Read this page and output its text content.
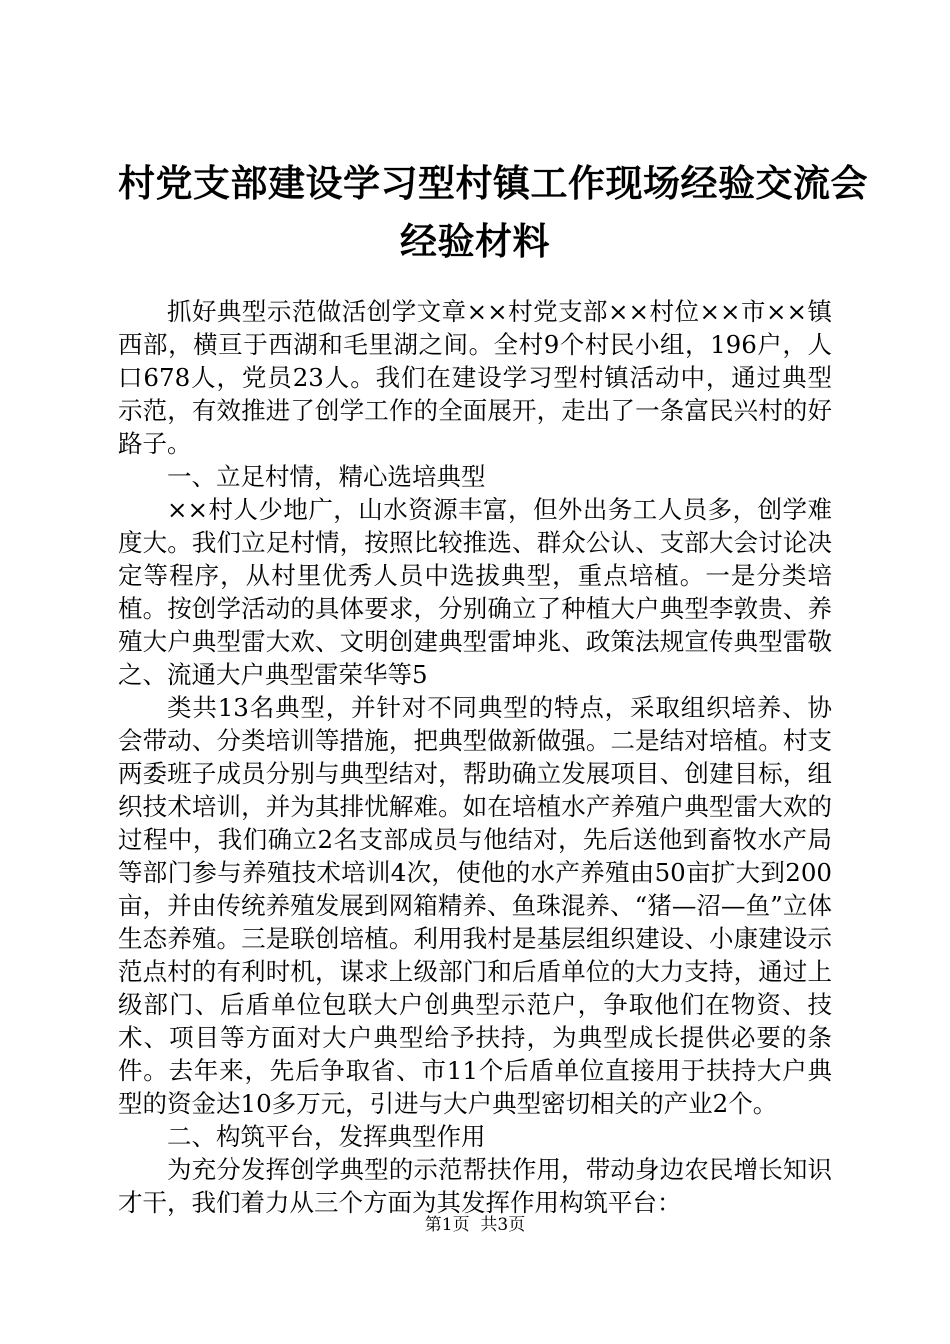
村党支部建设学习型村镇工作现场经验交流会
经验材料

抓好典型示范做活创学文章××村党支部××村位××市××镇西部，横亘于西湖和毛里湖之间。全村9个村民小组，196户，人口678人，党员23人。我们在建设学习型村镇活动中，通过典型示范，有效推进了创学工作的全面展开，走出了一条富民兴村的好路子。

一、立足村情，精心选培典型

××村人少地广，山水资源丰富，但外出务工人员多，创学难度大。我们立足村情，按照比较推选、群众公认、支部大会讨论决定等程序，从村里优秀人员中选拔典型，重点培植。一是分类培植。按创学活动的具体要求，分别确立了种植大户典型李敦贵、养殖大户典型雷大欢、文明创建典型雷坤兆、政策法规宣传典型雷敬之、流通大户典型雷荣华等5

类共13名典型，并针对不同典型的特点，采取组织培养、协会带动、分类培训等措施，把典型做新做强。二是结对培植。村支两委班子成员分别与典型结对，帮助确立发展项目、创建目标，组织技术培训，并为其排忧解难。如在培植水产养殖户典型雷大欢的过程中，我们确立2名支部成员与他结对，先后送他到畜牧水产局等部门参与养殖技术培训4次，使他的水产养殖由50亩扩大到200亩，并由传统养殖发展到网箱精养、鱼珠混养、“猪—沼—鱼”立体生态养殖。三是联创培植。利用我村是基层组织建设、小康建设示范点村的有利时机，谋求上级部门和后盾单位的大力支持，通过上级部门、后盾单位包联大户创典型示范户，争取他们在物资、技术、项目等方面对大户典型给予扶持，为典型成长提供必要的条件。去年来，先后争取省、市11个后盾单位直接用于扶持大户典型的资金达10多万元，引进与大户典型密切相关的产业2个。

二、构筑平台，发挥典型作用

为充分发挥创学典型的示范帮扶作用，带动身边农民增长知识才干，我们着力从三个方面为其发挥作用构筑平台：

第1页  共3页
